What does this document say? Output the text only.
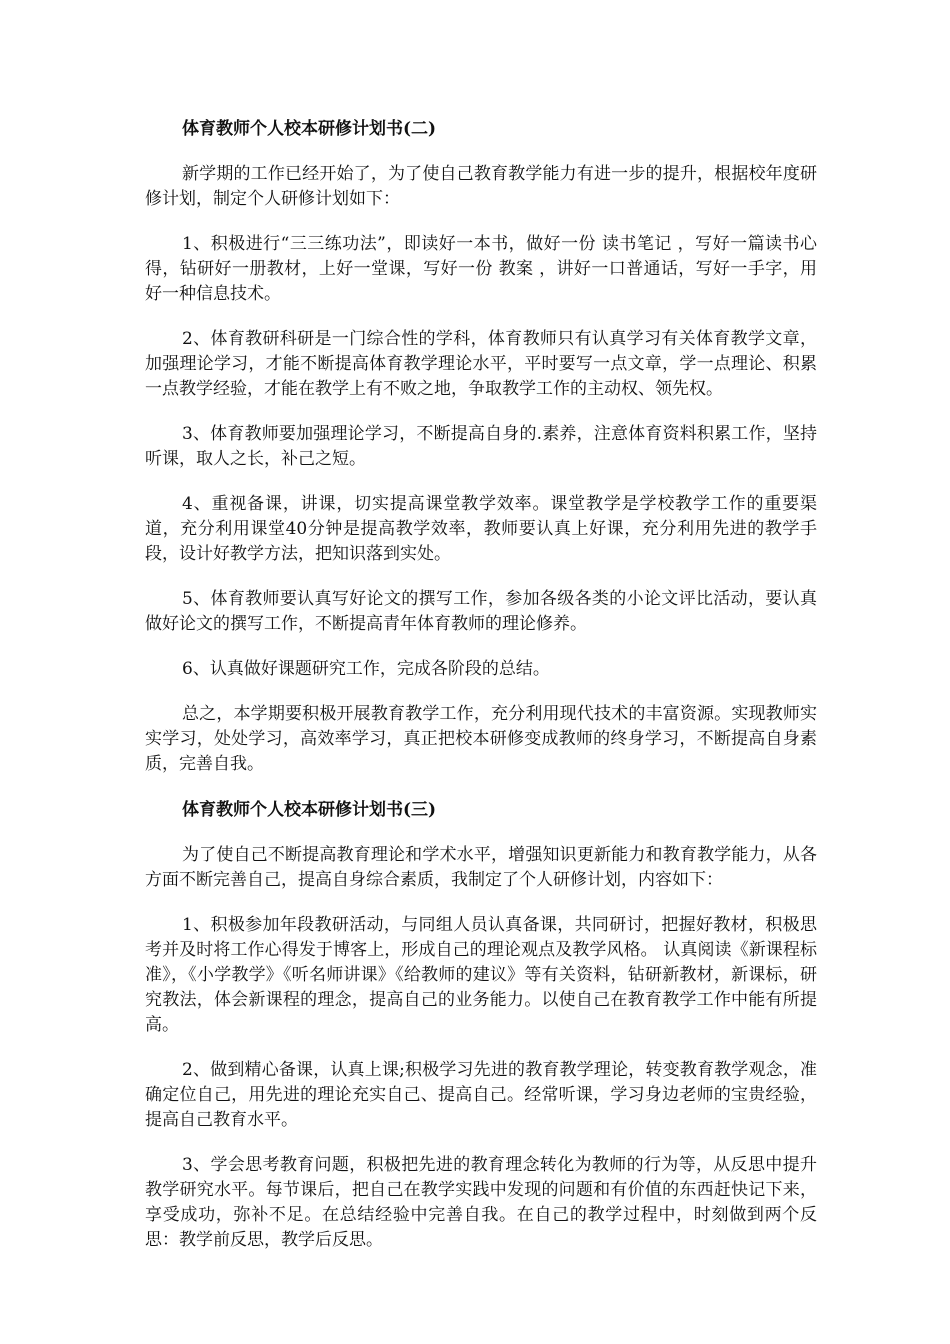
体育教师个人校本研修计划书(二)

新学期的工作已经开始了，为了使自己教育教学能力有进一步的提升，根据校年度研修计划，制定个人研修计划如下：

1、积极进行“三三练功法”，即读好一本书，做好一份 读书笔记 ，写好一篇读书心得，钻研好一册教材，上好一堂课，写好一份 教案 ，讲好一口普通话，写好一手字，用好一种信息技术。

2、体育教研科研是一门综合性的学科，体育教师只有认真学习有关体育教学文章，加强理论学习，才能不断提高体育教学理论水平，平时要写一点文章，学一点理论、积累一点教学经验，才能在教学上有不败之地，争取教学工作的主动权、领先权。

3、体育教师要加强理论学习，不断提高自身的.素养，注意体育资料积累工作，坚持听课，取人之长，补己之短。

4、重视备课，讲课，切实提高课堂教学效率。课堂教学是学校教学工作的重要渠道，充分利用课堂40分钟是提高教学效率，教师要认真上好课，充分利用先进的教学手段，设计好教学方法，把知识落到实处。

5、体育教师要认真写好论文的撰写工作，参加各级各类的小论文评比活动，要认真做好论文的撰写工作，不断提高青年体育教师的理论修养。

6、认真做好课题研究工作，完成各阶段的总结。

总之，本学期要积极开展教育教学工作，充分利用现代技术的丰富资源。实现教师实实学习，处处学习，高效率学习，真正把校本研修变成教师的终身学习，不断提高自身素质，完善自我。

体育教师个人校本研修计划书(三)

为了使自己不断提高教育理论和学术水平，增强知识更新能力和教育教学能力，从各方面不断完善自己，提高自身综合素质，我制定了个人研修计划，内容如下：

1、积极参加年段教研活动，与同组人员认真备课，共同研讨，把握好教材，积极思考并及时将工作心得发于博客上，形成自己的理论观点及教学风格。 认真阅读《新课程标准》，《小学教学》《听名师讲课》《给教师的建议》等有关资料，钻研新教材，新课标，研究教法，体会新课程的理念，提高自己的业务能力。以使自己在教育教学工作中能有所提高。

2、做到精心备课，认真上课;积极学习先进的教育教学理论，转变教育教学观念，准确定位自己，用先进的理论充实自己、提高自己。经常听课，学习身边老师的宝贵经验，提高自己教育水平。

3、学会思考教育问题，积极把先进的教育理念转化为教师的行为等，从反思中提升教学研究水平。每节课后，把自己在教学实践中发现的问题和有价值的东西赶快记下来，享受成功，弥补不足。在总结经验中完善自我。在自己的教学过程中，时刻做到两个反思：教学前反思，教学后反思。
